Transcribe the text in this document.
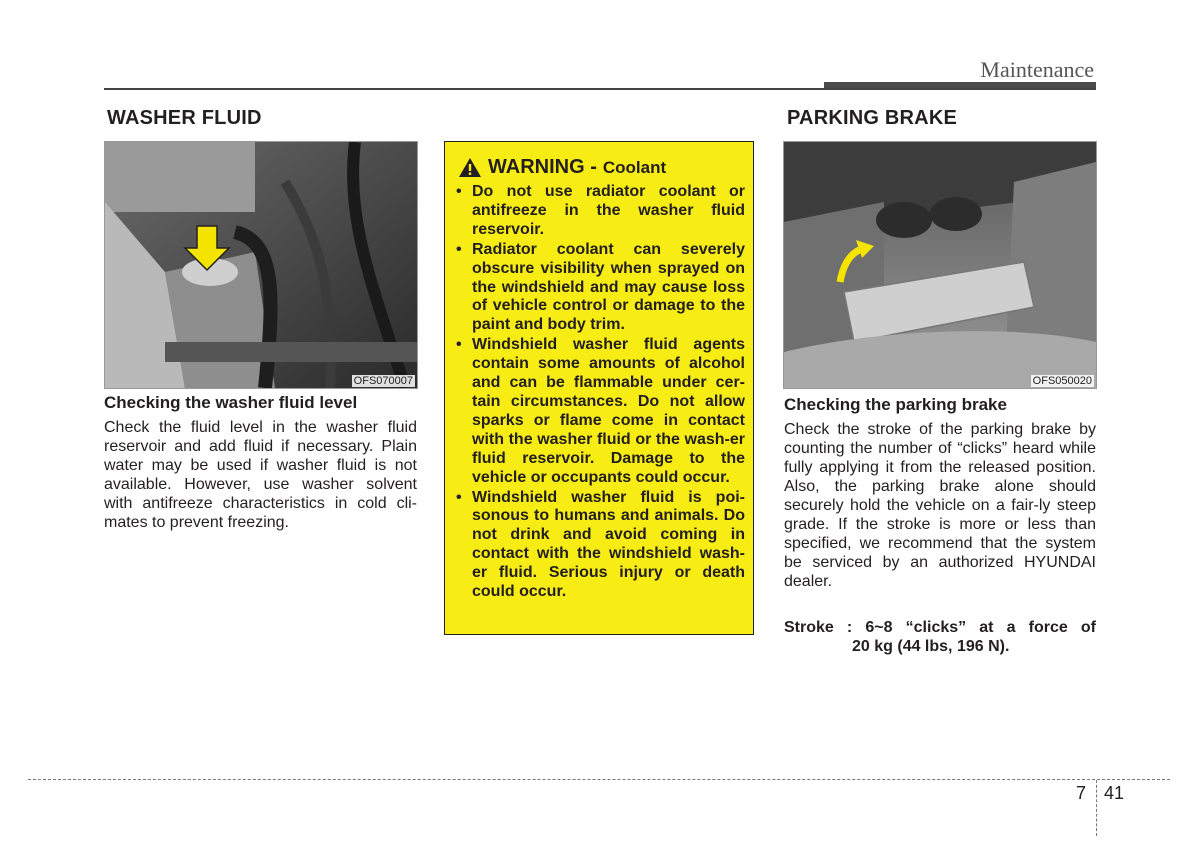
Maintenance
WASHER FLUID
OFS070007
Checking the washer fluid level

Check the fluid level in the washer fluid reservoir and add fluid if necessary. Plain water may be used if washer fluid is not available. However, use washer solvent with antifreeze characteristics in cold cli-mates to prevent freezing.

WARNING - Coolant
• Do not use radiator coolant or antifreeze in the washer fluid reservoir.
• Radiator coolant can severely obscure visibility when sprayed on the windshield and may cause loss of vehicle control or damage to the paint and body trim.
• Windshield washer fluid agents contain some amounts of alcohol and can be flammable under cer-tain circumstances. Do not allow sparks or flame come in contact with the washer fluid or the wash-er fluid reservoir. Damage to the vehicle or occupants could occur.
• Windshield washer fluid is poi-sonous to humans and animals. Do not drink and avoid coming in contact with the windshield wash-er fluid. Serious injury or death could occur.
PARKING BRAKE
OFS050020
Checking the parking brake

Check the stroke of the parking brake by counting the number of “clicks” heard while fully applying it from the released position. Also, the parking brake alone should securely hold the vehicle on a fair-ly steep grade. If the stroke is more or less than specified, we recommend that the system be serviced by an authorized HYUNDAI dealer.

Stroke : 6~8 “clicks” at a force of
20 kg (44 lbs, 196 N).
7 41
